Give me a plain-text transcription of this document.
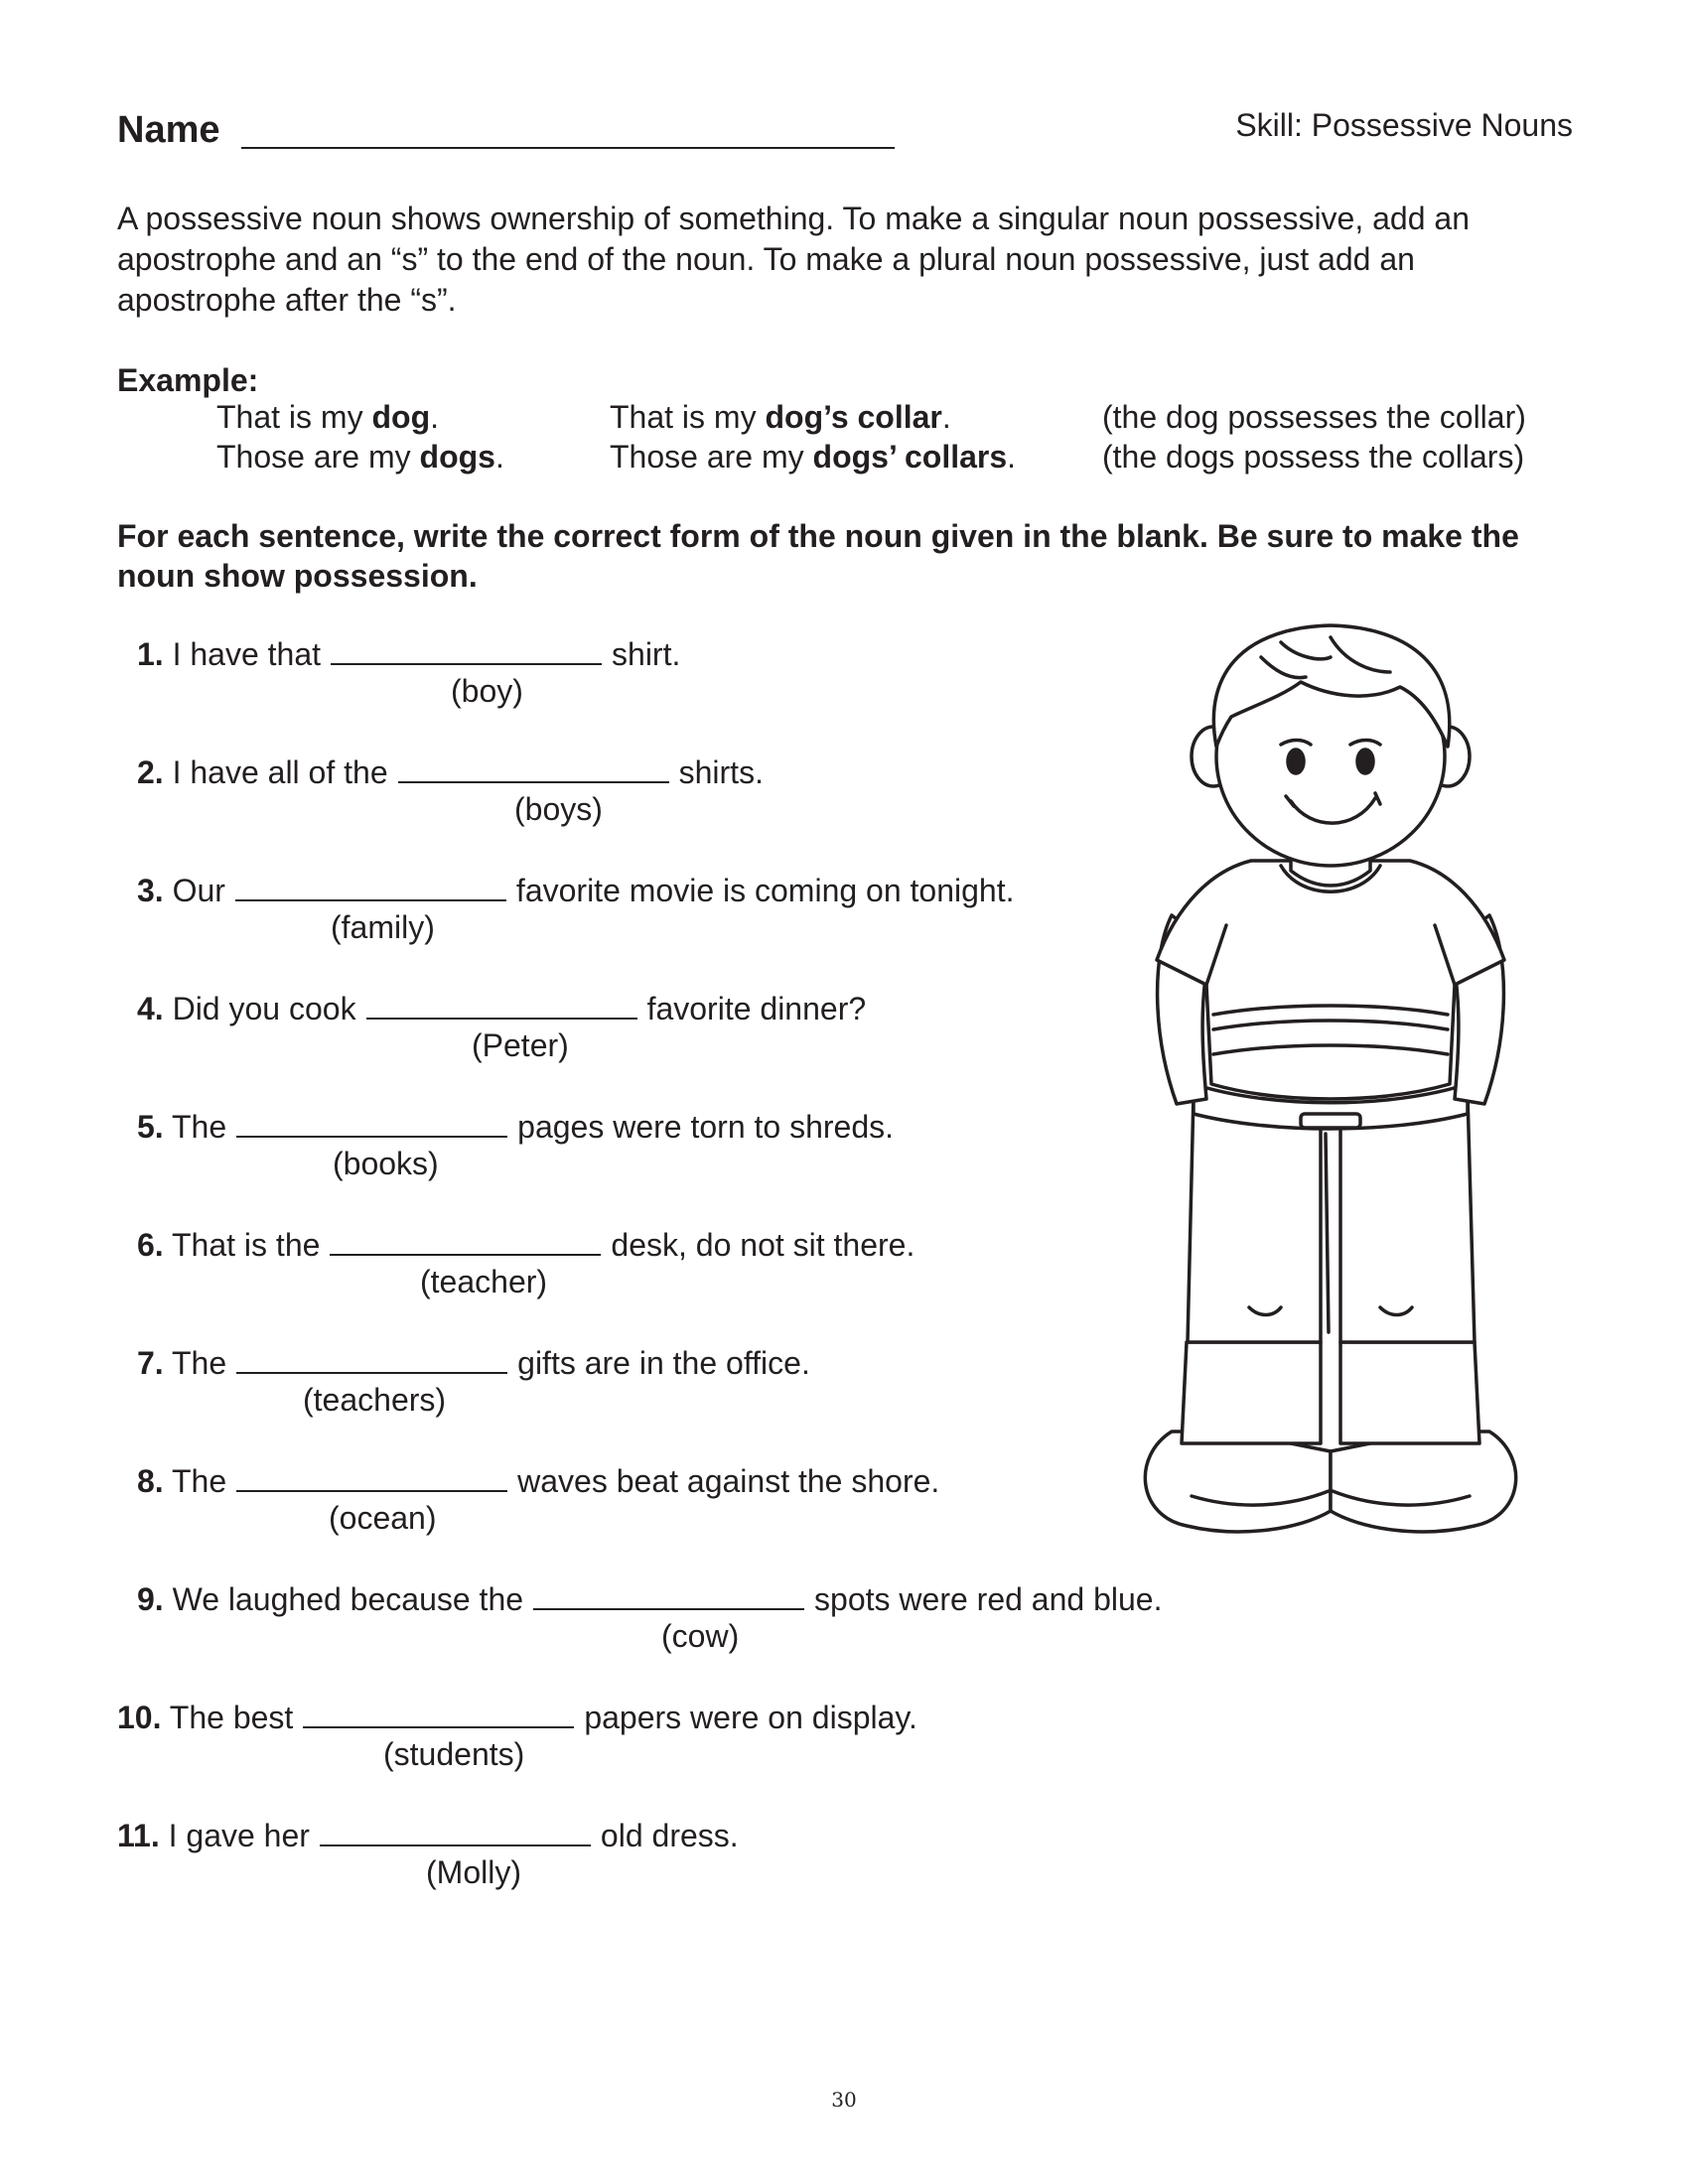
Name	Skill: Possessive Nouns

A possessive noun shows ownership of something. To make a singular noun possessive, add an apostrophe and an “s” to the end of the noun. To make a plural noun possessive, just add an apostrophe after the “s”.

Example:
That is my dog.	That is my dog’s collar.	(the dog possesses the collar)
Those are my dogs.	Those are my dogs’ collars.	(the dogs possess the collars)

For each sentence, write the correct form of the noun given in the blank. Be sure to make the noun show possession.

1. I have that	shirt.
(boy)
2. I have all of the	shirts.
(boys)
3. Our	favorite movie is coming on tonight.
(family)
4. Did you cook	favorite dinner?
(Peter)
5. The	pages were torn to shreds.
(books)
6. That is the	desk, do not sit there.
(teacher)
7. The	gifts are in the office.
(teachers)
8. The	waves beat against the shore.
(ocean)
9. We laughed because the	spots were red and blue.
(cow)
10. The best	papers were on display.
(students)
11. I gave her	old dress.
(Molly)
30
